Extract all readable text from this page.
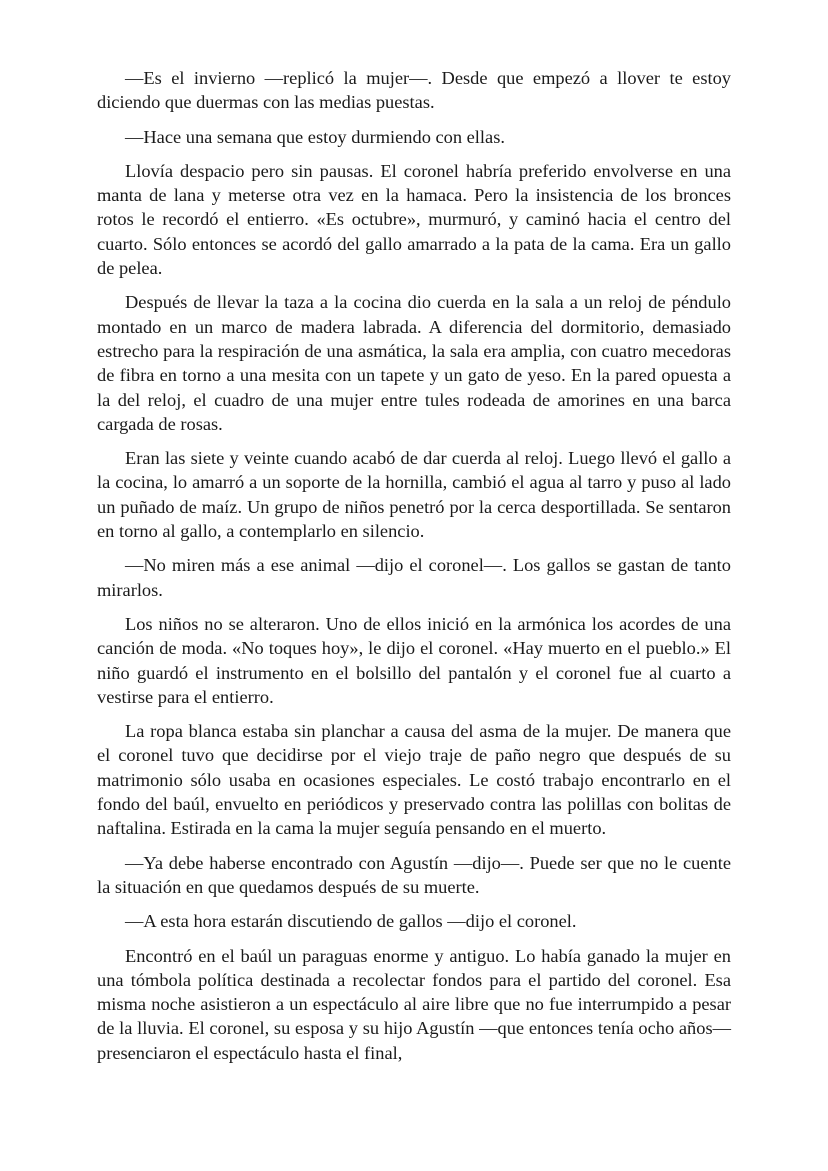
—Es el invierno —replicó la mujer—. Desde que empezó a llover te estoy diciendo que duermas con las medias puestas.

—Hace una semana que estoy durmiendo con ellas.

Llovía despacio pero sin pausas. El coronel habría preferido envolverse en una manta de lana y meterse otra vez en la hamaca. Pero la insistencia de los bronces rotos le recordó el entierro. «Es octubre», murmuró, y caminó hacia el centro del cuarto. Sólo entonces se acordó del gallo amarrado a la pata de la cama. Era un gallo de pelea.

Después de llevar la taza a la cocina dio cuerda en la sala a un reloj de péndulo montado en un marco de madera labrada. A diferencia del dormitorio, demasiado estrecho para la respiración de una asmática, la sala era amplia, con cuatro mecedoras de fibra en torno a una mesita con un tapete y un gato de yeso. En la pared opuesta a la del reloj, el cuadro de una mujer entre tules rodeada de amorines en una barca cargada de rosas.

Eran las siete y veinte cuando acabó de dar cuerda al reloj. Luego llevó el gallo a la cocina, lo amarró a un soporte de la hornilla, cambió el agua al tarro y puso al lado un puñado de maíz. Un grupo de niños penetró por la cerca desportillada. Se sentaron en torno al gallo, a contemplarlo en silencio.

—No miren más a ese animal —dijo el coronel—. Los gallos se gastan de tanto mirarlos.

Los niños no se alteraron. Uno de ellos inició en la armónica los acordes de una canción de moda. «No toques hoy», le dijo el coronel. «Hay muerto en el pueblo.» El niño guardó el instrumento en el bolsillo del pantalón y el coronel fue al cuarto a vestirse para el entierro.

La ropa blanca estaba sin planchar a causa del asma de la mujer. De manera que el coronel tuvo que decidirse por el viejo traje de paño negro que después de su matrimonio sólo usaba en ocasiones especiales. Le costó trabajo encontrarlo en el fondo del baúl, envuelto en periódicos y preservado contra las polillas con bolitas de naftalina. Estirada en la cama la mujer seguía pensando en el muerto.

—Ya debe haberse encontrado con Agustín —dijo—. Puede ser que no le cuente la situación en que quedamos después de su muerte.

—A esta hora estarán discutiendo de gallos —dijo el coronel.

Encontró en el baúl un paraguas enorme y antiguo. Lo había ganado la mujer en una tómbola política destinada a recolectar fondos para el partido del coronel. Esa misma noche asistieron a un espectáculo al aire libre que no fue interrumpido a pesar de la lluvia. El coronel, su esposa y su hijo Agustín —que entonces tenía ocho años— presenciaron el espectáculo hasta el final,
